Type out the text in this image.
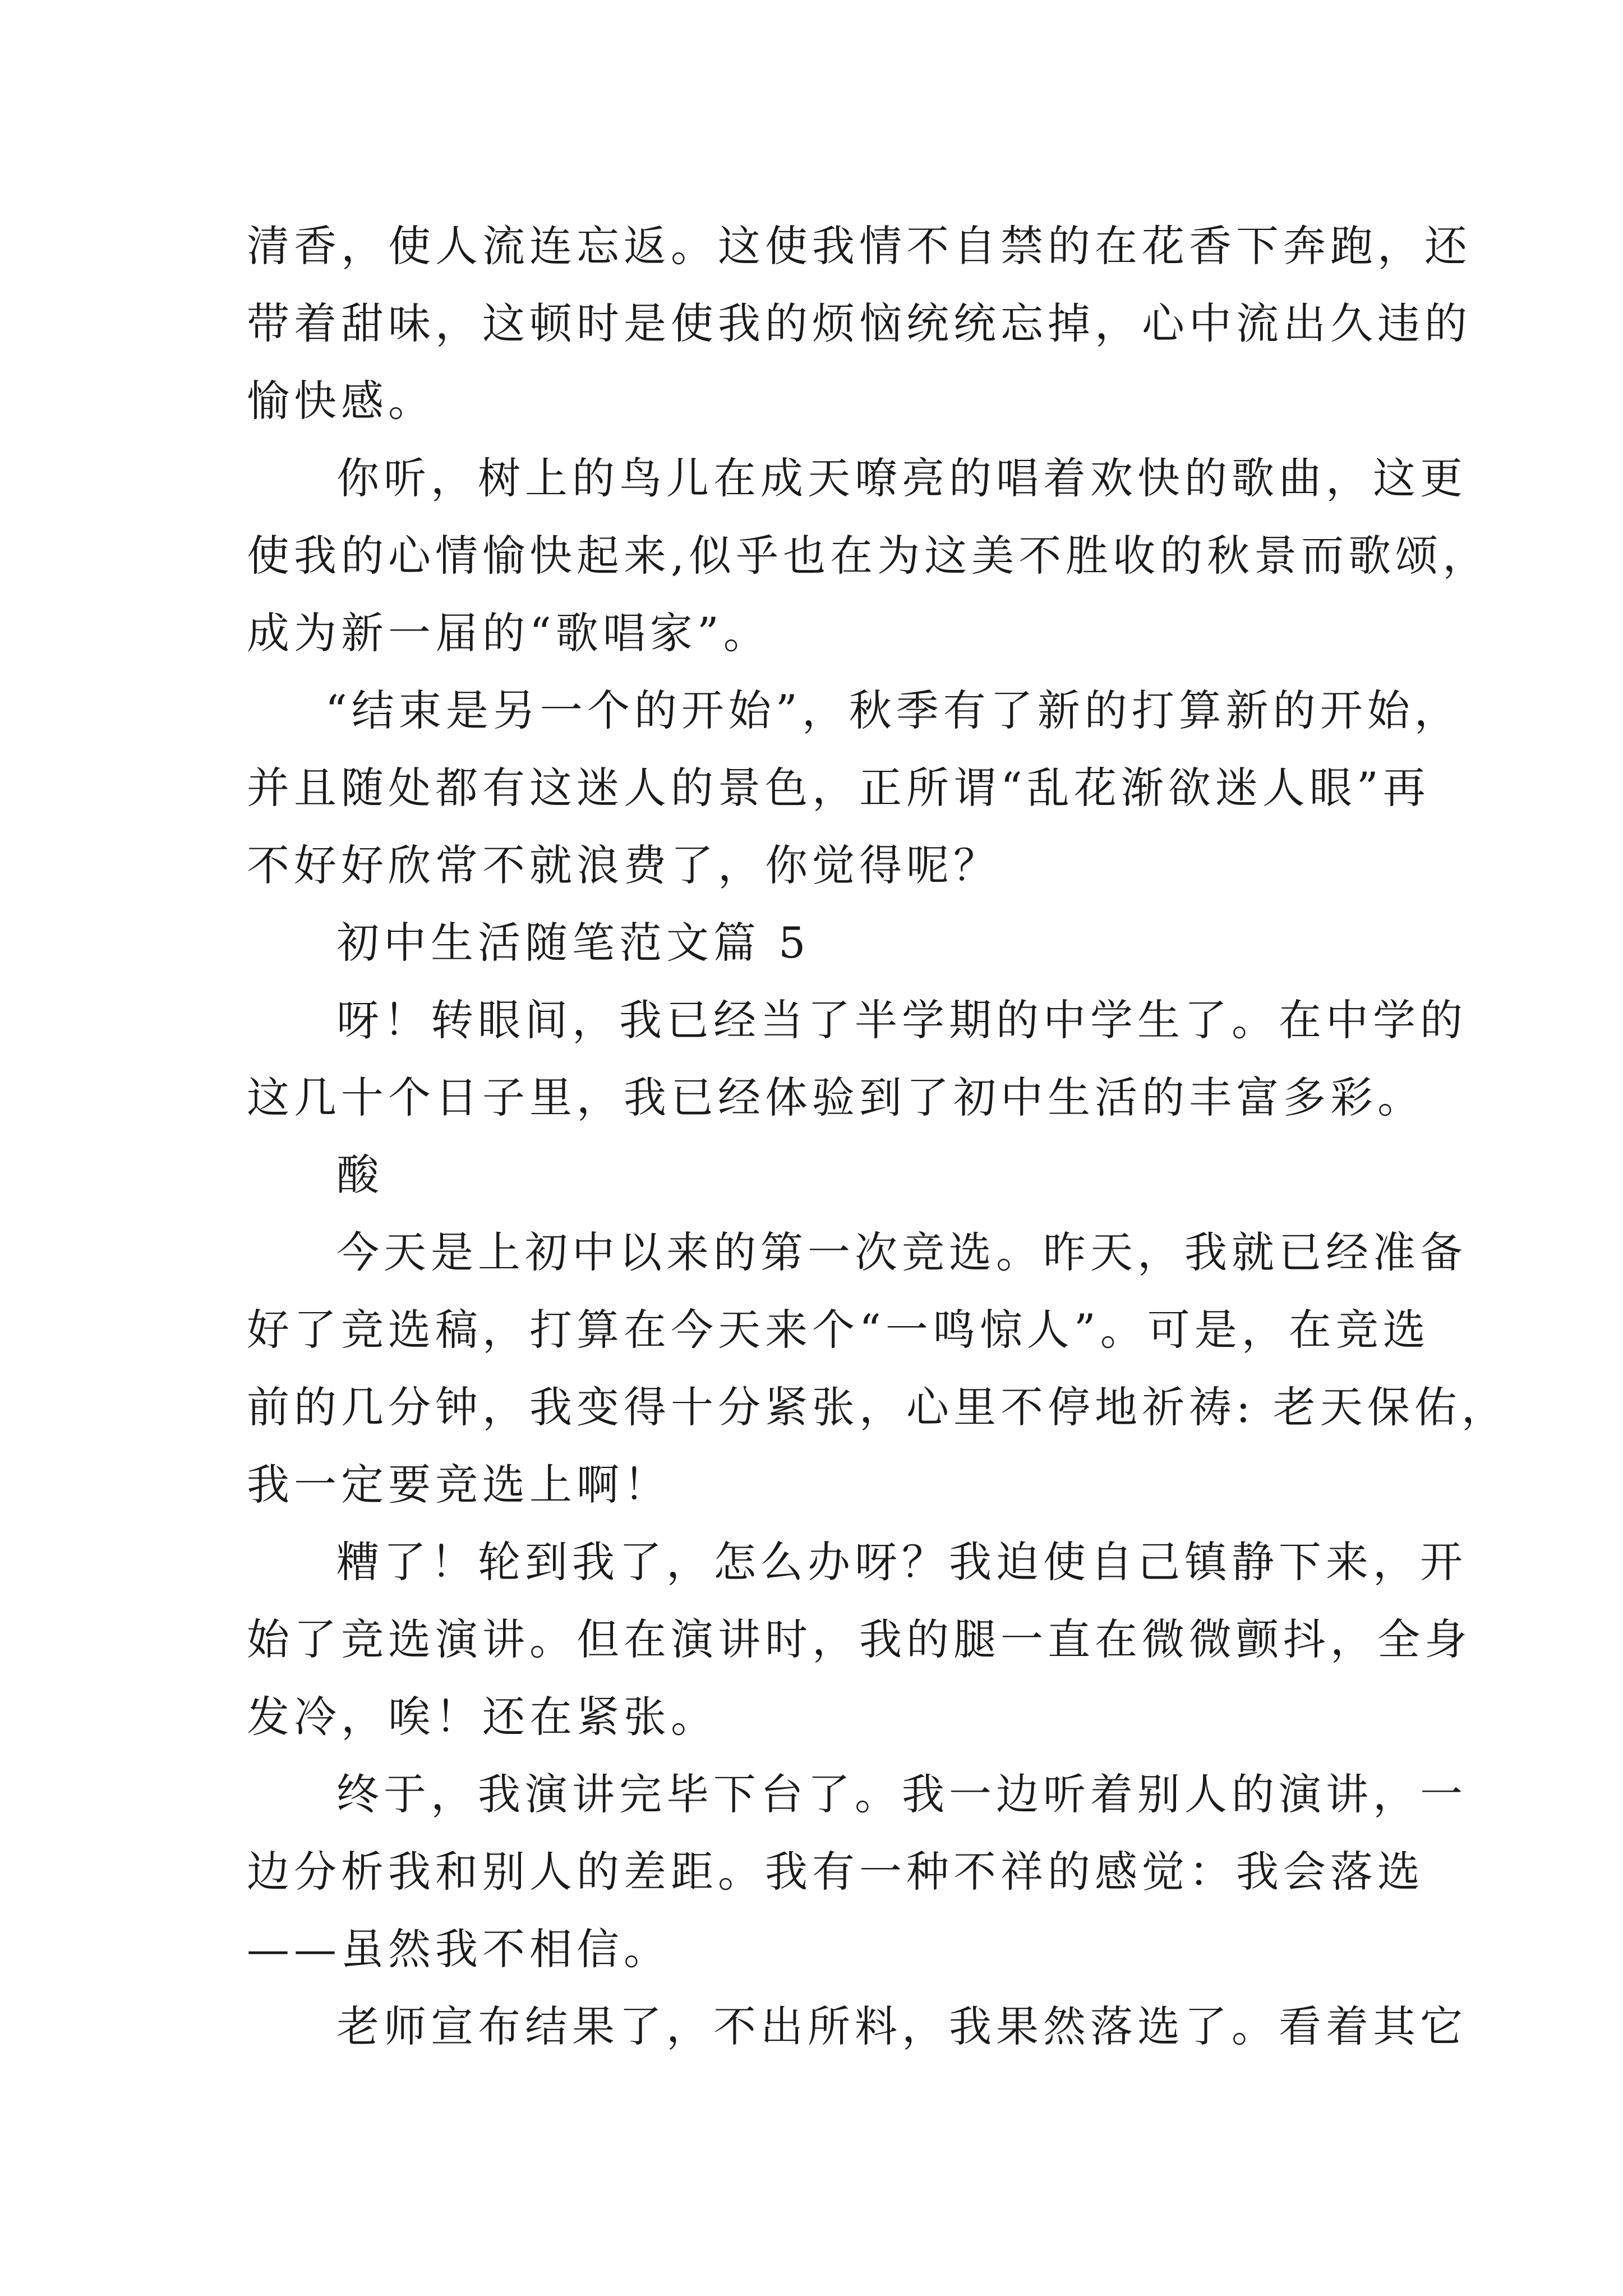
清香，使人流连忘返。这使我情不自禁的在花香下奔跑，还
带着甜味，这顿时是使我的烦恼统统忘掉，心中流出久违的
愉快感。
你听，树上的鸟儿在成天嘹亮的唱着欢快的歌曲，这更
使我的心情愉快起来,似乎也在为这美不胜收的秋景而歌颂，
成为新一届的“歌唱家”。
“结束是另一个的开始”，秋季有了新的打算新的开始，
并且随处都有这迷人的景色，正所谓“乱花渐欲迷人眼”再
不好好欣常不就浪费了，你觉得呢？
初中生活随笔范文篇 5
呀！转眼间，我已经当了半学期的中学生了。在中学的
这几十个日子里，我已经体验到了初中生活的丰富多彩。
酸
今天是上初中以来的第一次竞选。昨天，我就已经准备
好了竞选稿，打算在今天来个“一鸣惊人”。可是，在竞选
前的几分钟，我变得十分紧张，心里不停地祈祷: 老天保佑，
我一定要竞选上啊！
糟了！轮到我了，怎么办呀？我迫使自己镇静下来，开
始了竞选演讲。但在演讲时，我的腿一直在微微颤抖，全身
发冷，唉！还在紧张。
终于，我演讲完毕下台了。我一边听着别人的演讲，一
边分析我和别人的差距。我有一种不祥的感觉：我会落选
——虽然我不相信。
老师宣布结果了，不出所料，我果然落选了。看着其它
